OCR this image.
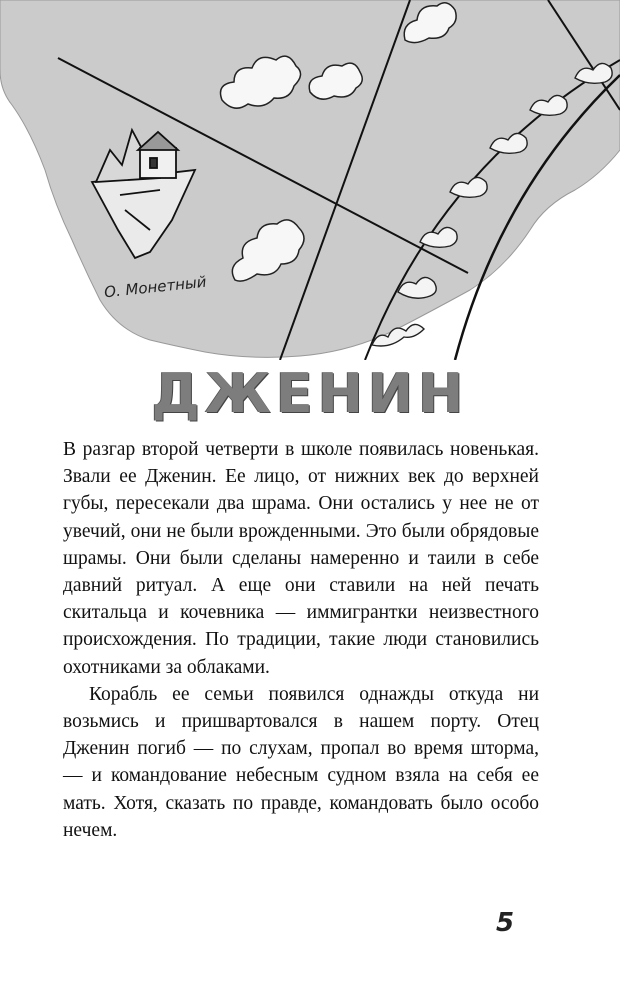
О. Монетный
ДЖЕНИН

В разгар второй четверти в школе появилась новенькая. Звали ее Дженин. Ее лицо, от нижних век до верхней губы, пересекали два шрама. Они остались у нее не от увечий, они не были врожденными. Это были обрядовые шрамы. Они были сделаны намеренно и таили в себе давний ритуал. А еще они ставили на ней печать скитальца и кочевника — иммигрантки неизвестного происхождения. По традиции, такие люди становились охотниками за облаками.

Корабль ее семьи появился однажды откуда ни возьмись и пришвартовался в нашем порту. Отец Дженин погиб — по слухам, пропал во время шторма, — и командование небесным судном взяла на себя ее мать. Хотя, сказать по правде, командовать было особо нечем.

5
